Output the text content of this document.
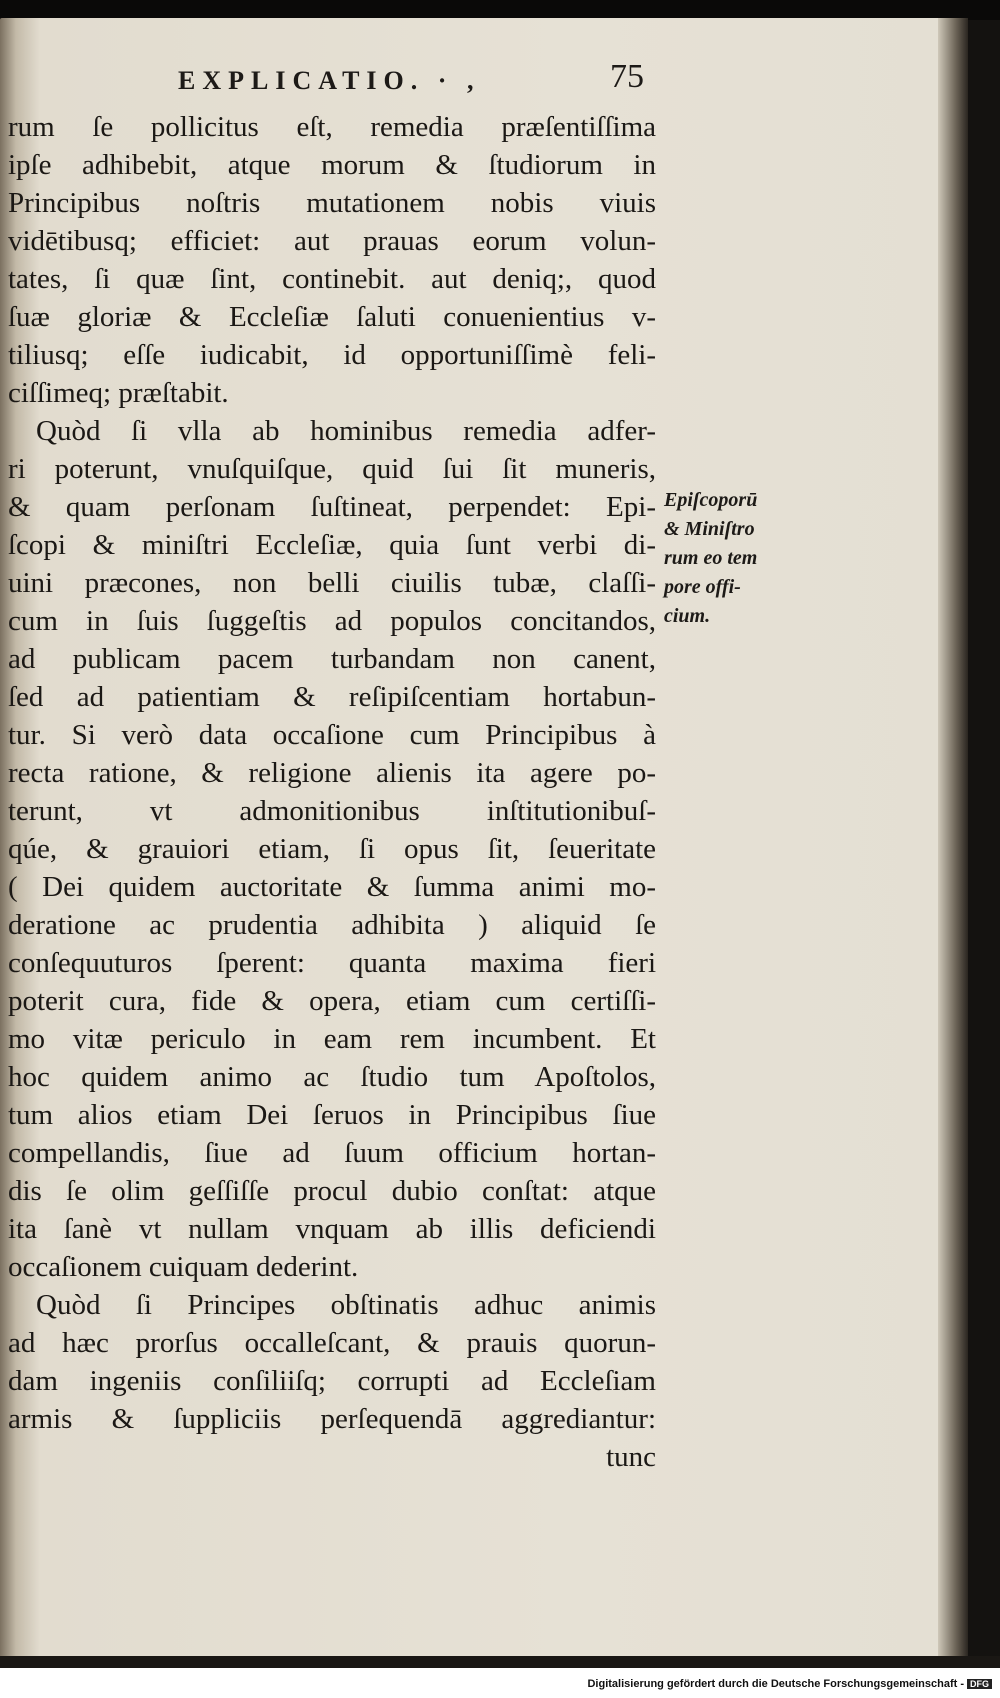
EXPLICATIO. · ,	75
rum ſe pollicitus eſt, remedia præſentiſſima
ipſe adhibebit, atque morum & ſtudiorum in
Principibus noſtris mutationem nobis viuis
vidētibusq; efficiet: aut prauas eorum volun-
tates, ſi quæ ſint, continebit. aut deniq;, quod
ſuæ gloriæ & Eccleſiæ ſaluti conuenientius v-
tiliusq; eſſe iudicabit, id opportuniſſimè feli-
ciſſimeq; præſtabit.
Quòd ſi vlla ab hominibus remedia adfer-
ri poterunt, vnuſquiſque, quid ſui ſit muneris,
& quam perſonam ſuſtineat, perpendet: Epi-
ſcopi & miniſtri Eccleſiæ, quia ſunt verbi di-
uini præcones, non belli ciuilis tubæ, claſſi-
cum in ſuis ſuggeſtis ad populos concitandos,
ad publicam pacem turbandam non canent,
ſed ad patientiam & reſipiſcentiam hortabun-
tur. Si verò data occaſione cum Principibus à
recta ratione, & religione alienis ita agere po-
terunt, vt admonitionibus inſtitutionibuſ-
qúe, & grauiori etiam, ſi opus ſit, ſeueritate
( Dei quidem auctoritate & ſumma animi mo-
deratione ac prudentia adhibita ) aliquid ſe
conſequuturos ſperent: quanta maxima fieri
poterit cura, fide & opera, etiam cum certiſſi-
mo vitæ periculo in eam rem incumbent. Et
hoc quidem animo ac ſtudio tum Apoſtolos,
tum alios etiam Dei ſeruos in Principibus ſiue
compellandis, ſiue ad ſuum officium hortan-
dis ſe olim geſſiſſe procul dubio conſtat: atque
ita ſanè vt nullam vnquam ab illis deficiendi
occaſionem cuiquam dederint.
Quòd ſi Principes obſtinatis adhuc animis
ad hæc prorſus occalleſcant, & prauis quorun-
dam ingeniis conſiliiſq; corrupti ad Eccleſiam
armis & ſuppliciis perſequendā aggrediantur:
tunc
Epiſcoporū
& Miniſtro
rum eo tem
pore offi-
cium.
Digitalisierung gefördert durch die Deutsche Forschungsgemeinschaft - DFG
